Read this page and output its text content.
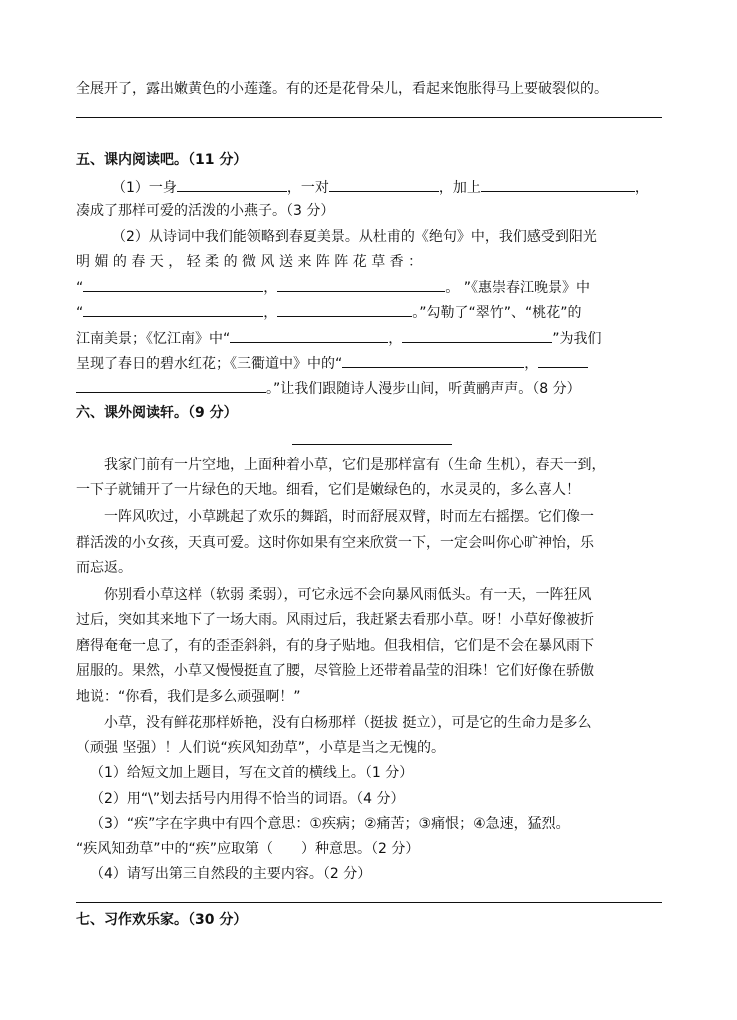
全展开了，露出嫩黄色的小莲蓬。有的还是花骨朵儿，看起来饱胀得马上要破裂似的。
五、课内阅读吧。（11 分）
（1）一身	，一对	，加上	，
凑成了那样可爱的活泼的小燕子。（3 分）
（2）从诗词中我们能领略到春夏美景。从杜甫的《绝句》中，我们感受到阳光
明 媚 的 春 天 ， 轻 柔 的 微 风 送 来 阵 阵 花 草 香 ：
“	，	。 ”《惠崇春江晚景》中
“	，	。”勾勒了“翠竹”、“桃花”的
江南美景；《忆江南》中“	，	”为我们
呈现了春日的碧水红花；《三衢道中》中的“	，
。”让我们跟随诗人漫步山间，听黄鹂声声。（8 分）
六、课外阅读轩。（9 分）
我家门前有一片空地，上面种着小草，它们是那样富有（生命 生机），春天一到，
一下子就铺开了一片绿色的天地。细看，它们是嫩绿色的，水灵灵的，多么喜人！
一阵风吹过，小草跳起了欢乐的舞蹈，时而舒展双臂，时而左右摇摆。它们像一
群活泼的小女孩，天真可爱。这时你如果有空来欣赏一下，一定会叫你心旷神怡，乐
而忘返。
你别看小草这样（软弱 柔弱），可它永远不会向暴风雨低头。有一天，一阵狂风
过后，突如其来地下了一场大雨。风雨过后，我赶紧去看那小草。呀！小草好像被折
磨得奄奄一息了，有的歪歪斜斜，有的身子贴地。但我相信，它们是不会在暴风雨下
屈服的。果然，小草又慢慢挺直了腰，尽管脸上还带着晶莹的泪珠！它们好像在骄傲
地说：“你看，我们是多么顽强啊！”
小草，没有鲜花那样娇艳，没有白杨那样（挺拔 挺立），可是它的生命力是多么
（顽强 坚强）！人们说“疾风知劲草”，小草是当之无愧的。
（1）给短文加上题目，写在文首的横线上。（1 分）
（2）用“\”划去括号内用得不恰当的词语。（4 分）
（3）“疾”字在字典中有四个意思：①疾病；②痛苦；③痛恨；④急速，猛烈。
“疾风知劲草”中的“疾”应取第（　　）种意思。（2 分）
（4）请写出第三自然段的主要内容。（2 分）
七、习作欢乐家。（30 分）
